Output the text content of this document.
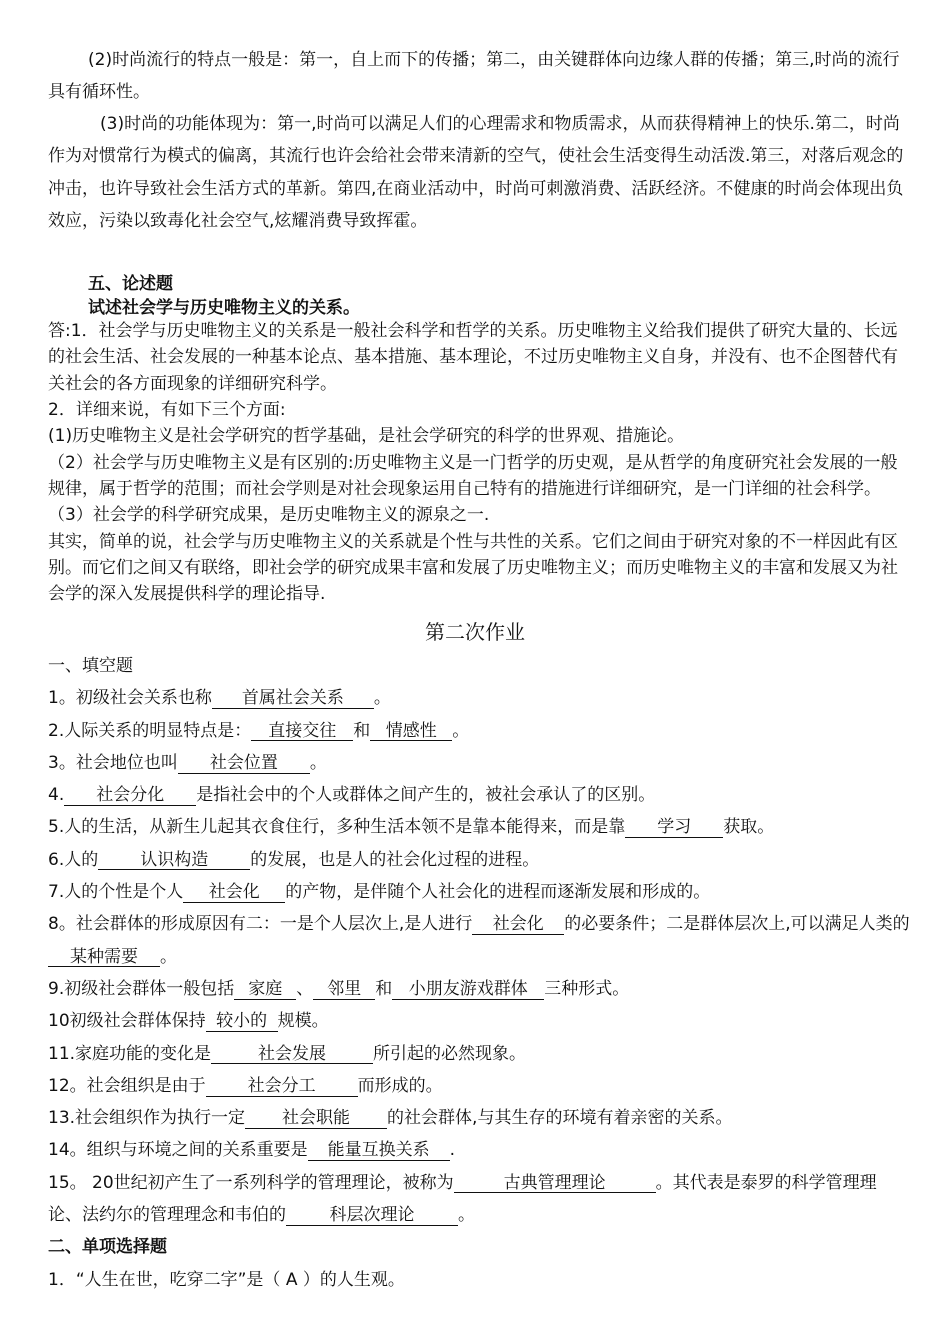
(2)时尚流行的特点一般是：第一，自上而下的传播；第二，由关键群体向边缘人群的传播；第三,时尚的流行具有循环性。

(3)时尚的功能体现为：第一,时尚可以满足人们的心理需求和物质需求，从而获得精神上的快乐.第二，时尚作为对惯常行为模式的偏离，其流行也许会给社会带来清新的空气，使社会生活变得生动活泼.第三，对落后观念的冲击，也许导致社会生活方式的革新。第四,在商业活动中，时尚可刺激消费、活跃经济。不健康的时尚会体现出负效应，污染以致毒化社会空气,炫耀消费导致挥霍。

五、论述题

试述社会学与历史唯物主义的关系。

答:1．社会学与历史唯物主义的关系是一般社会科学和哲学的关系。历史唯物主义给我们提供了研究大量的、长远的社会生活、社会发展的一种基本论点、基本措施、基本理论，不过历史唯物主义自身，并没有、也不企图替代有关社会的各方面现象的详细研究科学。
2．详细来说，有如下三个方面:
(1)历史唯物主义是社会学研究的哲学基础，是社会学研究的科学的世界观、措施论。
（2）社会学与历史唯物主义是有区别的:历史唯物主义是一门哲学的历史观，是从哲学的角度研究社会发展的一般规律，属于哲学的范围；而社会学则是对社会现象运用自己特有的措施进行详细研究，是一门详细的社会科学。
（3）社会学的科学研究成果，是历史唯物主义的源泉之一.
其实，简单的说，社会学与历史唯物主义的关系就是个性与共性的关系。它们之间由于研究对象的不一样因此有区别。而它们之间又有联络，即社会学的研究成果丰富和发展了历史唯物主义；而历史唯物主义的丰富和发展又为社会学的深入发展提供科学的理论指导.
第二次作业
一、填空题
1。初级社会关系也称 首属社会关系 。
2.人际关系的明显特点是： 直接交往 和 情感性 。
3。社会地位也叫 社会位置 。
4. 社会分化 是指社会中的个人或群体之间产生的，被社会承认了的区别。
5.人的生活，从新生儿起其衣食住行，多种生活本领不是靠本能得来，而是靠 学习 获取。
6.人的 认识构造 的发展，也是人的社会化过程的进程。
7.人的个性是个人 社会化 的产物，是伴随个人社会化的进程而逐渐发展和形成的。
8。社会群体的形成原因有二：一是个人层次上,是人进行 社会化 的必要条件；二是群体层次上,可以满足人类的某种需要 。
9.初级社会群体一般包括 家庭 、 邻里 和 小朋友游戏群体 三种形式。
10初级社会群体保持 较小的 规模。
11.家庭功能的变化是	社会发展	所引起的必然现象。
12。社会组织是由于 社会分工 而形成的。
13.社会组织作为执行一定 社会职能 的社会群体,与其生存的环境有着亲密的关系。
14。组织与环境之间的关系重要是 能量互换关系 .
15。 20世纪初产生了一系列科学的管理理论，被称为	古典管理理论	。其代表是泰罗的科学管理理论、法约尔的管理理念和韦伯的	科层次理论	。
二、单项选择题
1．“人生在世，吃穿二字”是（ A ）的人生观。
